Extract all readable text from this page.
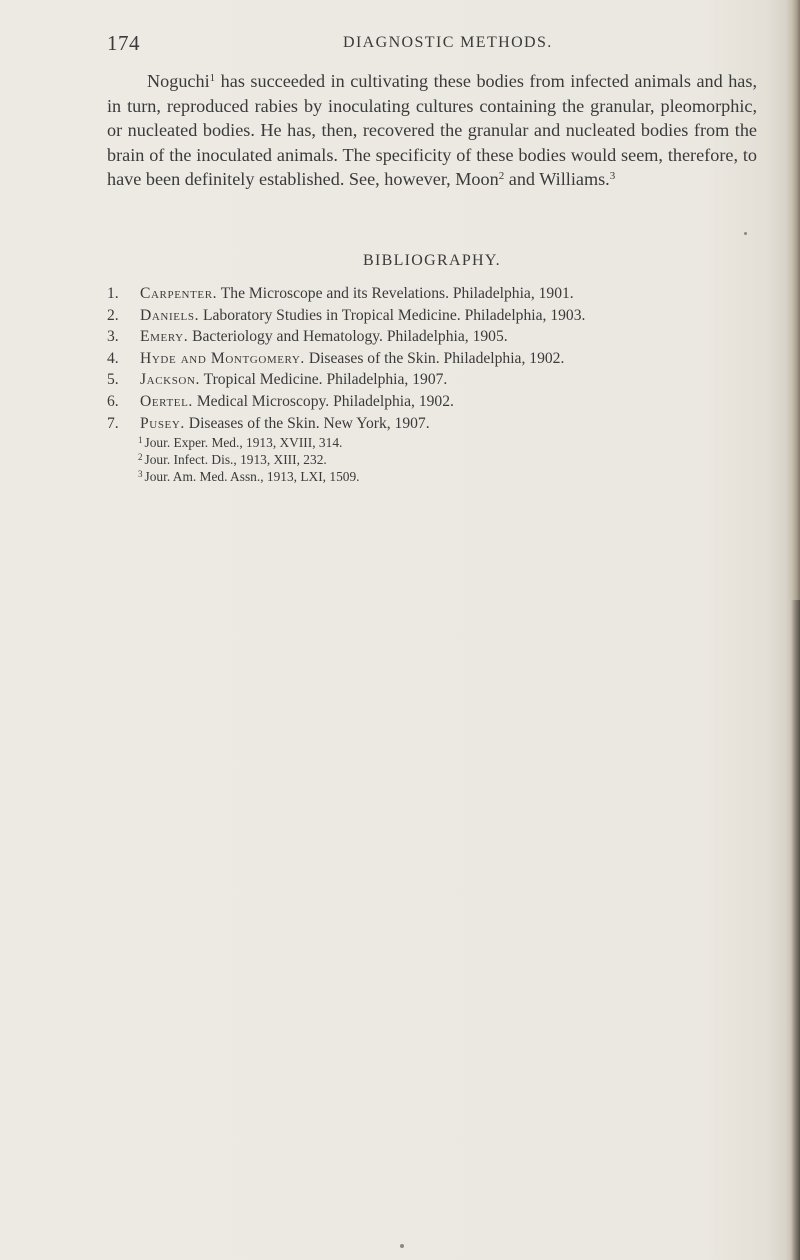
174	DIAGNOSTIC METHODS.

Noguchi$^1$ has succeeded in cultivating these bodies from infected animals and has, in turn, reproduced rabies by inoculating cultures containing the granular, pleomorphic, or nucleated bodies. He has, then, recovered the granular and nucleated bodies from the brain of the inoculated animals. The specificity of these bodies would seem, therefore, to have been definitely established. See, however, Moon$^2$ and Williams.$^3$

BIBLIOGRAPHY.
1. Carpenter. The Microscope and its Revelations. Philadelphia, 1901.
2. Daniels. Laboratory Studies in Tropical Medicine. Philadelphia, 1903.
3. Emery. Bacteriology and Hematology. Philadelphia, 1905.
4. Hyde and Montgomery. Diseases of the Skin. Philadelphia, 1902.
5. Jackson. Tropical Medicine. Philadelphia, 1907.
6. Oertel. Medical Microscopy. Philadelphia, 1902.
7. Pusey. Diseases of the Skin. New York, 1907.
$^1$ Jour. Exper. Med., 1913, XVIII, 314.
$^2$ Jour. Infect. Dis., 1913, XIII, 232.
$^3$ Jour. Am. Med. Assn., 1913, LXI, 1509.
